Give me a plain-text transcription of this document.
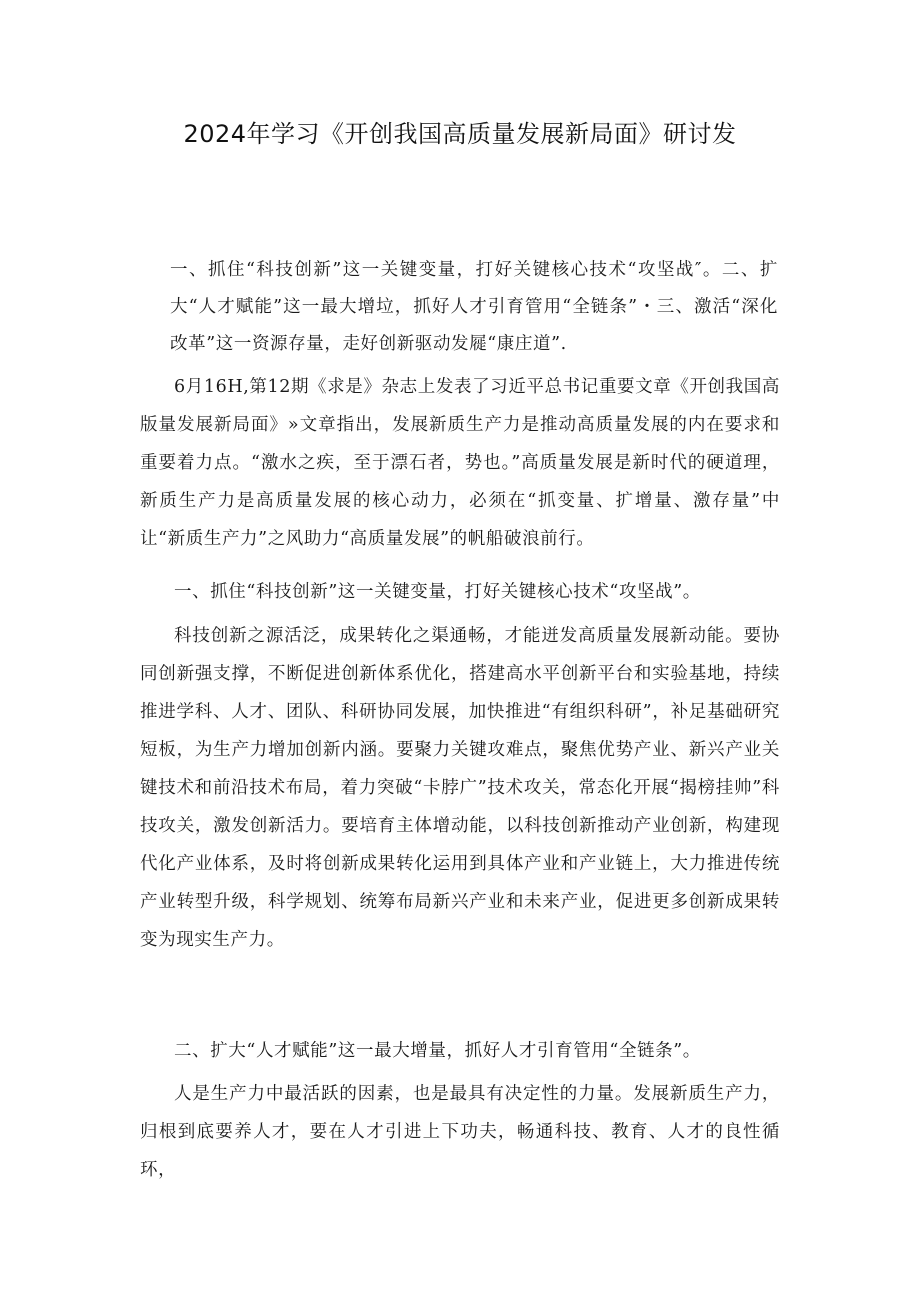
2024年学习《开创我国高质量发展新局面》研讨发

一、抓住“科技创新”这一关键变量，打好关键核心技术“攻坚战″。二、扩大“人才赋能”这一最大增垃，抓好人才引育管用“全链条”・三、激活“深化改革”这一资源存量，走好创新驱动发屣“康庄道”.

6月16H,第12期《求是》杂志上发表了习近平总书记重要文章《开创我国高版量发展新局面》»文章指出，发展新质生产力是推动高质量发展的内在要求和重要着力点。“激水之疾，至于漂石者，势也。”高质量发展是新时代的硬道理，新质生产力是高质量发展的核心动力，必须在“抓变量、扩增量、激存量”中让“新质生产力”之风助力“高质量发展”的帆船破浪前行。

一、抓住“科技创新”这一关键变量，打好关键核心技术“攻坚战”。

科技创新之源活泛，成果转化之渠通畅，才能迸发高质量发展新动能。要协同创新强支撑，不断促进创新体系优化，搭建高水平创新平台和实验基地，持续推进学科、人才、团队、科研协同发展，加快推进“有组织科研”，补足基础研究短板，为生产力增加创新内涵。要聚力关键攻难点，聚焦优势产业、新兴产业关键技术和前沿技术布局，着力突破“卡脖广”技术攻关，常态化开展“揭榜挂帅”科技攻关，激发创新活力。要培育主体增动能，以科技创新推动产业创新，构建现代化产业体系，及时将创新成果转化运用到具体产业和产业链上，大力推进传统产业转型升级，科学规划、统筹布局新兴产业和未来产业，促进更多创新成果转变为现实生产力。

二、扩大“人才赋能”这一最大增量，抓好人才引育管用“全链条”。

人是生产力中最活跃的因素，也是最具有决定性的力量。发展新质生产力，归根到底要养人才，要在人才引进上下功夫，畅通科技、教育、人才的良性循环，
